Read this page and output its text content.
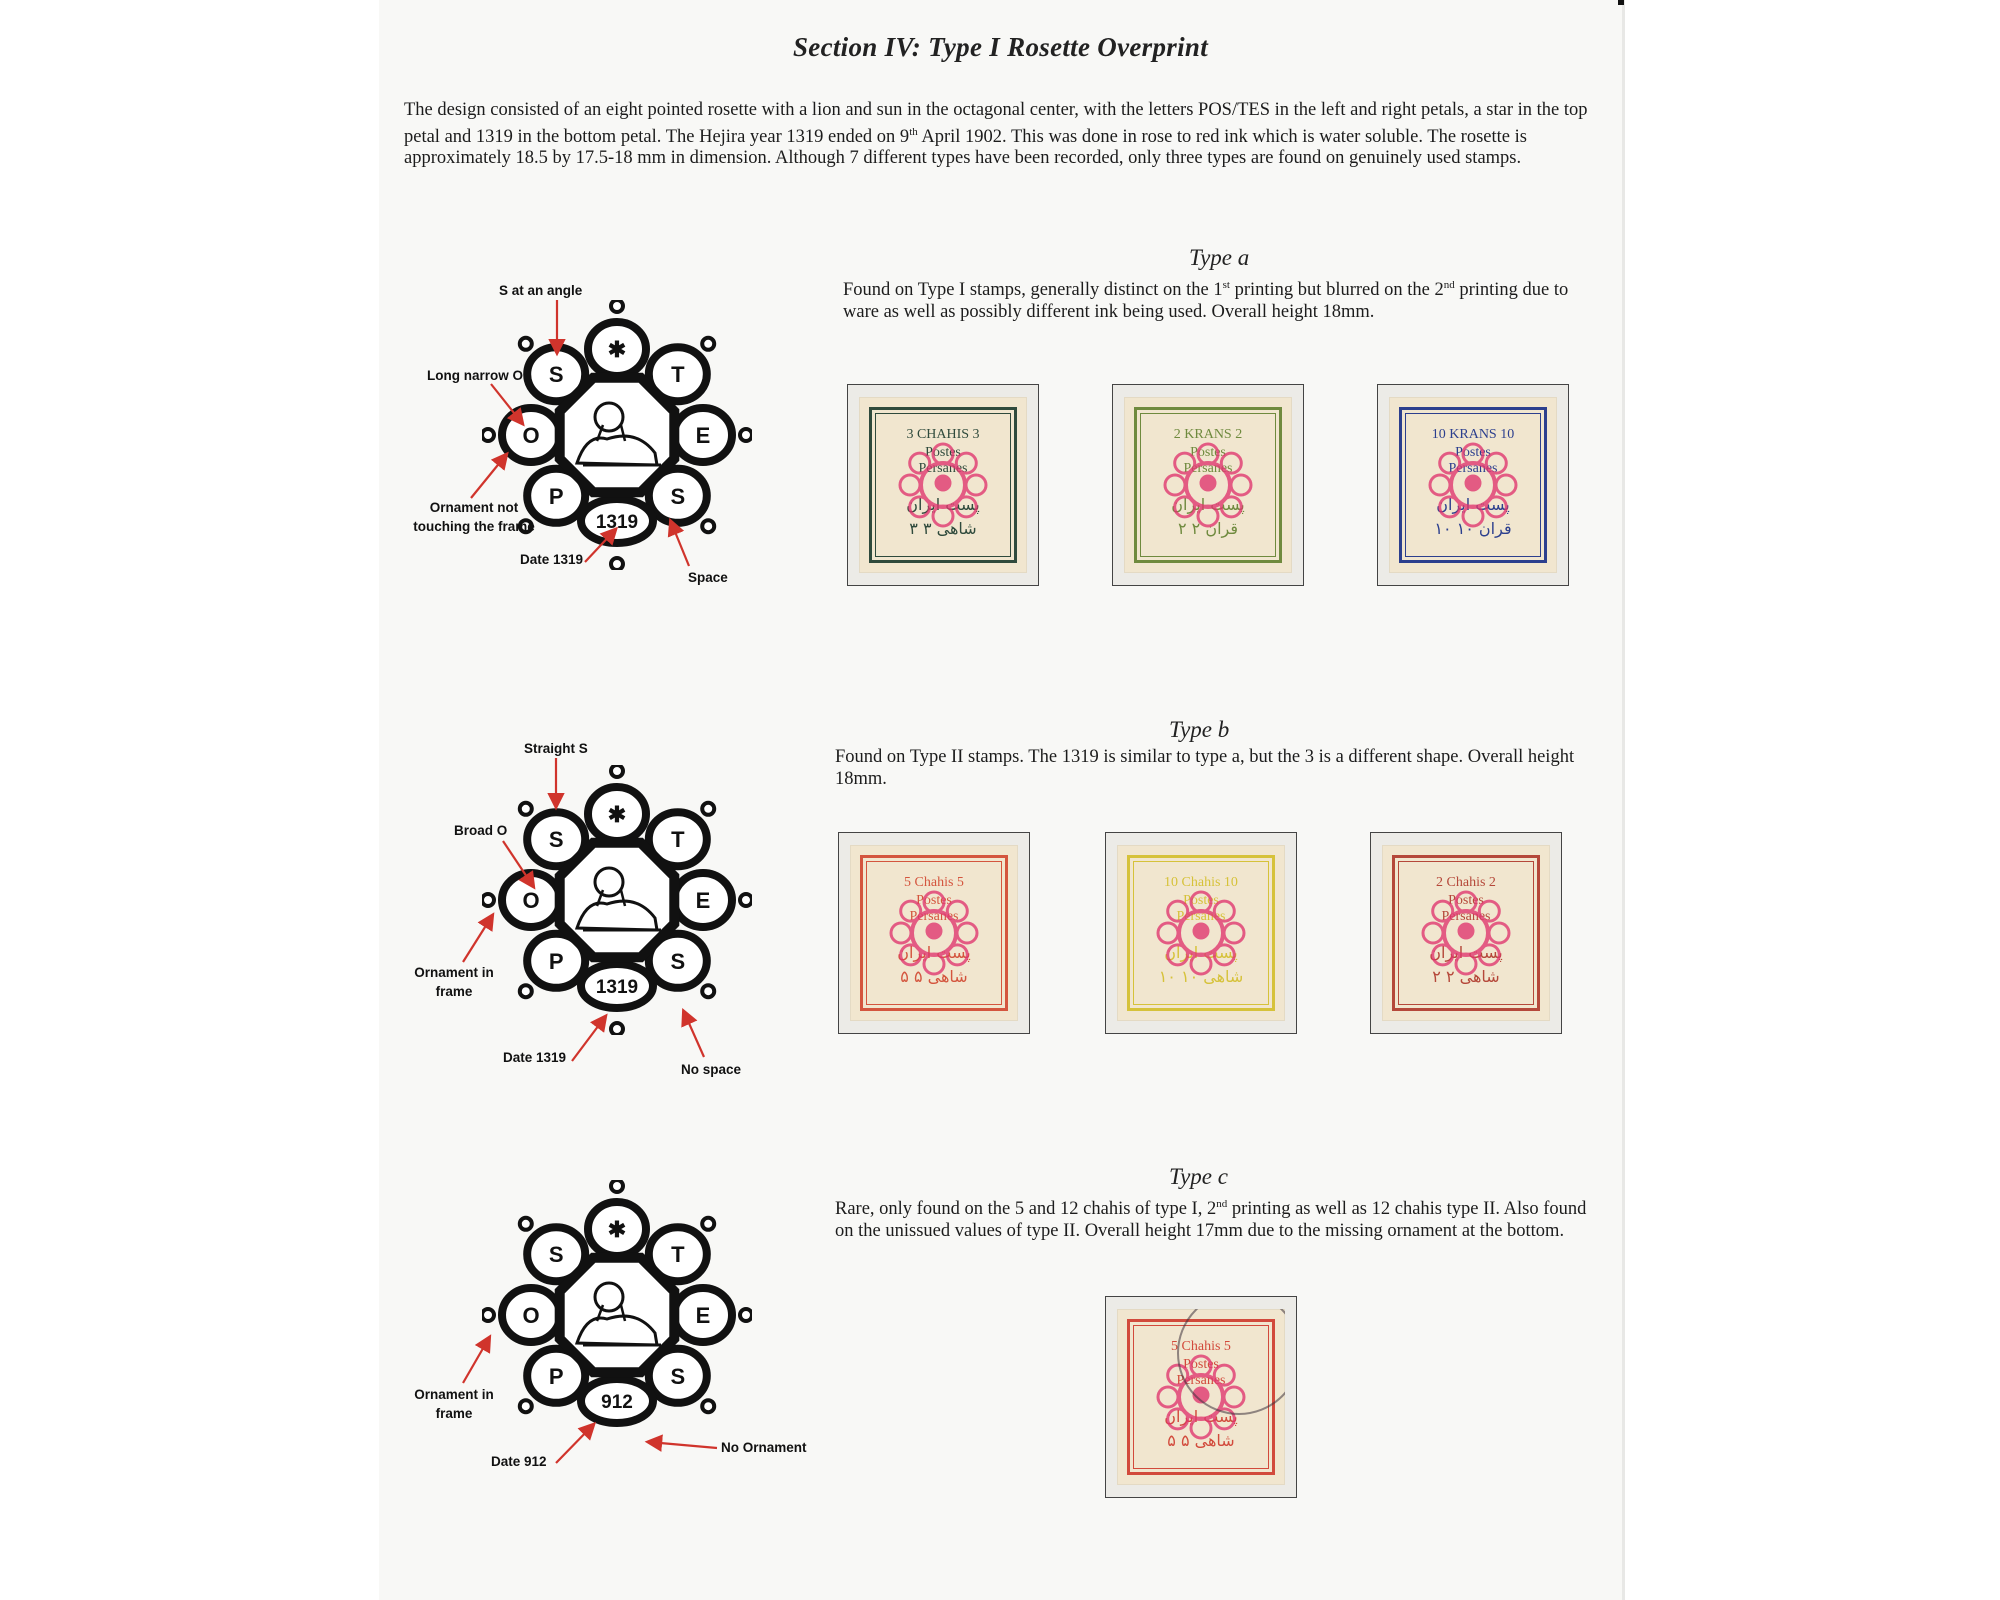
Section IV: Type I Rosette Overprint

The design consisted of an eight pointed rosette with a lion and sun in the octagonal center, with the letters POS/TES in the left and right petals, a star in the top petal and 1319 in the bottom petal. The Hejira year 1319 ended on 9th April 1902. This was done in rose to red ink which is water soluble. The rosette is approximately 18.5 by 17.5-18 mm in dimension. Although 7 different types have been recorded, only three types are found on genuinely used stamps.

Type a

Found on Type I stamps, generally distinct on the 1st printing but blurred on the 2nd printing due to ware as well as possibly different ink being used. Overall height 18mm.

S
✱
T
E
S
1319
P
O
S at an angle
Long narrow O
Ornament not touching the frame
Date 1319
Space
3 CHAHIS 3
Postes
Persanes
پست ایران
۳ شاهی ۳
2 KRANS 2
Postes
Persanes
پست ایران
۲ قران ۲
10 KRANS 10
Postes
Persanes
پست ایران
۱۰ قران ۱۰
Type b

Found on Type II stamps. The 1319 is similar to type a, but the 3 is a different shape. Overall height 18mm.

S
✱
T
E
S
1319
P
O
Straight S
Broad O
Ornament in frame
Date 1319
No space
5 Chahis 5
Postes
Persanes
پست ایران
۵ شاهی ۵
10 Chahis 10
Postes
Persanes
پست ایران
۱۰ شاهی ۱۰
2 Chahis 2
Postes
Persanes
پست ایران
۲ شاهی ۲
Type c

Rare, only found on the 5 and 12 chahis of type I, 2nd printing as well as 12 chahis type II. Also found on the unissued values of type II. Overall height 17mm due to the missing ornament at the bottom.

S
✱
T
E
S
912
P
O
Ornament in frame
Date 912
No Ornament
5 Chahis 5
Postes
Persanes
پست ایران
۵ شاهی ۵
